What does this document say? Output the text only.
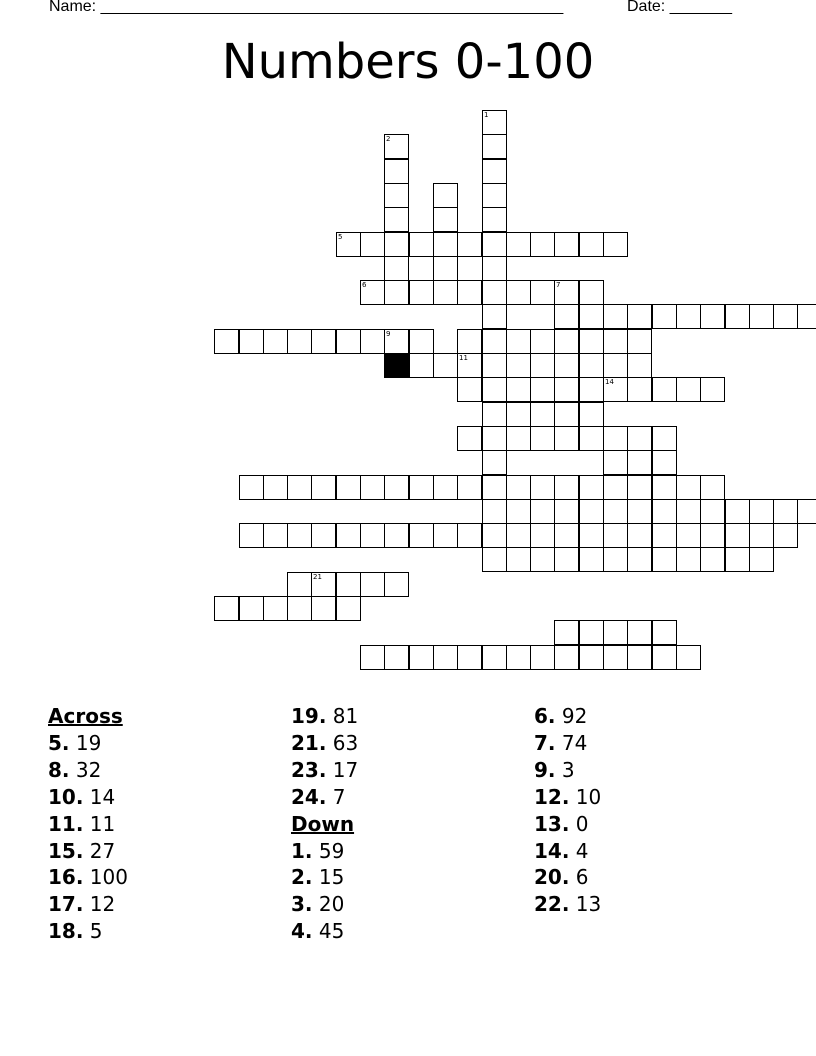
Name: ____________________________________________________	Date: _______
Numbers 0-100
1
2
5
6	7
9
11
14
21
Across
5. 19
8. 32
10. 14
11. 11
15. 27
16. 100
17. 12
18. 5
19. 81
21. 63
23. 17
24. 7
Down
1. 59
2. 15
3. 20
4. 45
6. 92
7. 74
9. 3
12. 10
13. 0
14. 4
20. 6
22. 13
